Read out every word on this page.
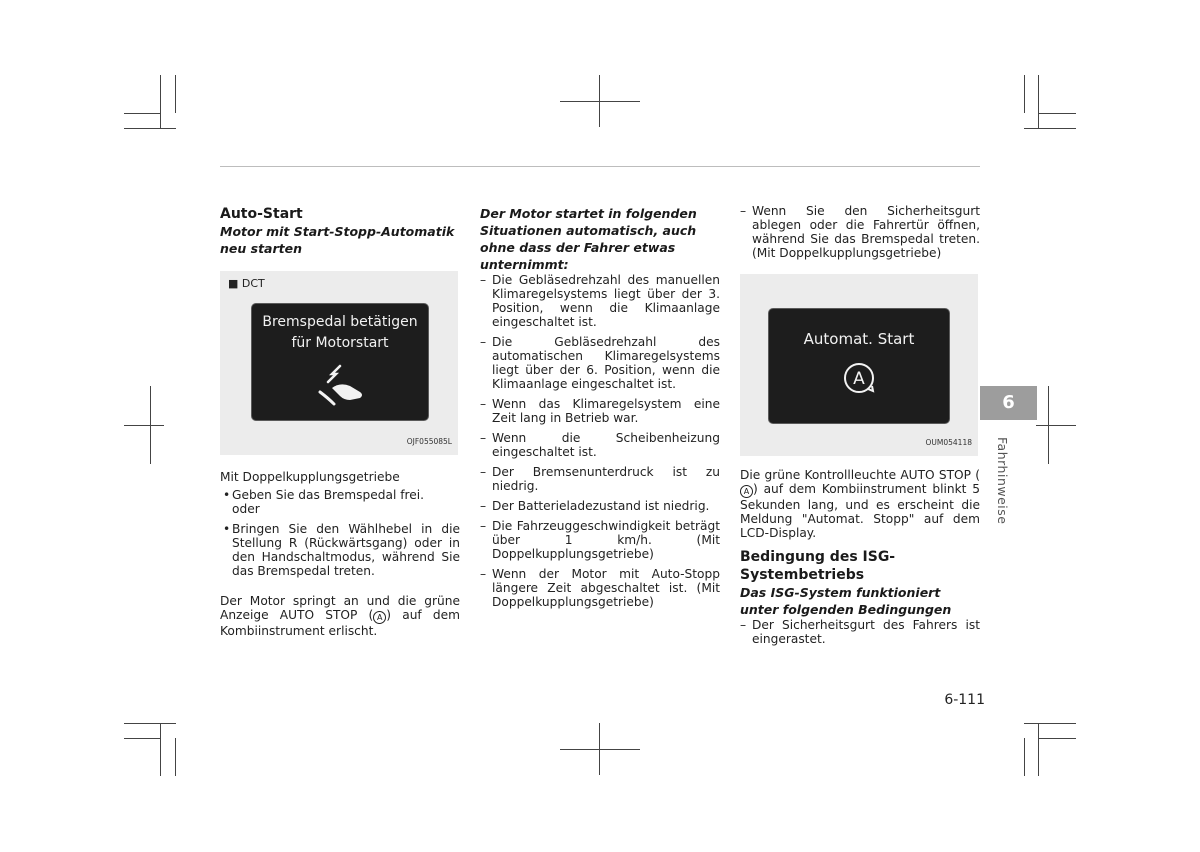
Auto-Start
Motor mit Start-Stopp-Automatik neu starten
■ DCT
Bremspedal betätigen
für Motorstart
OJF055085L
Mit Doppelkupplungsgetriebe
• Geben Sie das Bremspedal frei.
oder
• Bringen Sie den Wählhebel in die Stellung R (Rückwärtsgang) oder in den Handschaltmodus, während Sie das Bremspedal treten.

Der Motor springt an und die grüne Anzeige AUTO STOP ( A ) auf dem Kombiinstrument erlischt.

Der Motor startet in folgenden Situationen automatisch, auch ohne dass der Fahrer etwas unternimmt:
– Die Gebläsedrehzahl des manuellen Klimaregelsystems liegt über der 3. Position, wenn die Klimaanlage eingeschaltet ist.
– Die Gebläsedrehzahl des automatischen Klimaregelsystems liegt über der 6. Position, wenn die Klimaanlage eingeschaltet ist.
– Wenn das Klimaregelsystem eine Zeit lang in Betrieb war.
– Wenn die Scheibenheizung eingeschaltet ist.
– Der Bremsenunterdruck ist zu niedrig.
– Der Batterieladezustand ist niedrig.
– Die Fahrzeuggeschwindigkeit beträgt über 1 km/h. (Mit Doppelkupplungsgetriebe)
– Wenn der Motor mit Auto-Stopp längere Zeit abgeschaltet ist. (Mit Doppelkupplungsgetriebe)
– Wenn Sie den Sicherheitsgurt ablegen oder die Fahrertür öffnen, während Sie das Bremspedal treten. (Mit Doppelkupplungsgetriebe)
Automat. Start
A
OUM054118

Die grüne Kontrollleuchte AUTO STOP (A ) auf dem Kombiinstrument blinkt 5 Sekunden lang, und es erscheint die Meldung "Automat. Stopp" auf dem LCD-Display.

Bedingung des ISG-Systembetriebs
Das ISG-System funktioniert unter folgenden Bedingungen
– Der Sicherheitsgurt des Fahrers ist eingerastet.
6
Fahrhinweise
6-111
